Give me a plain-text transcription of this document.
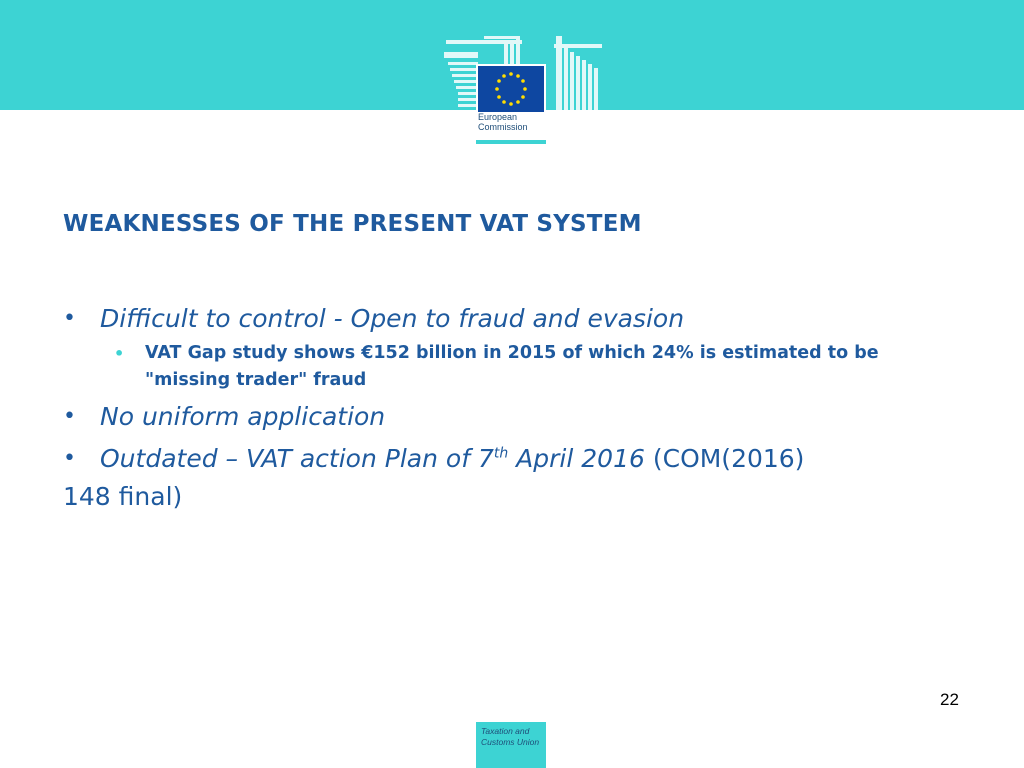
European Commission
WEAKNESSES OF THE PRESENT VAT SYSTEM
• Difficult to control - Open to fraud and evasion
• VAT Gap study shows €152 billion in 2015 of which 24% is estimated to be "missing trader" fraud
• No uniform application
• Outdated – VAT action Plan of 7th April 2016 (COM(2016)
148 final)
22
Taxation and Customs Union
